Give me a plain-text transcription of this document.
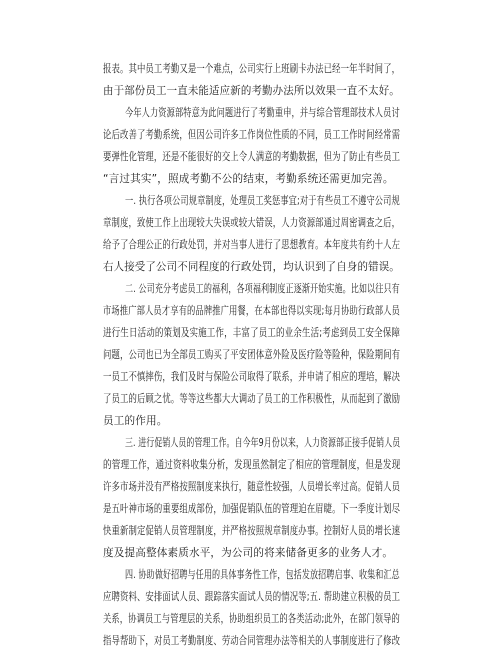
报表。其中员工考勤又是一个难点，公司实行上班刷卡办法已经一年半时间了，
由于部份员工一直未能适应新的考勤办法所以效果一直不太好。
今年人力资源部特意为此问题进行了考勤重申，并与综合管理部技术人员讨
论后改善了考勤系统，但因公司许多工作岗位性质的不同，员工工作时间经常需
要弹性化管理，还是不能很好的交上令人满意的考勤数据，但为了防止有些员工
“言过其实”，照成考勤不公的结束，考勤系统还需更加完善。
一. 执行各项公司规章制度，处理员工奖惩事宜;对于有些员工不遵守公司规
章制度，致使工作上出现较大失误或较大错误，人力资源部通过周密调查之后，
给予了合理公正的行政处罚，并对当事人进行了思想教育。本年度共有约十人左
右人接受了公司不同程度的行政处罚，均认识到了自身的错误。
二. 公司充分考虑员工的福利，各项福利制度正逐渐开始实施。比如以往只有
市场推广部人员才享有的品牌推广用餐，在本部也得以实现;每月协助行政部人员
进行生日活动的策划及实施工作，丰富了员工的业余生活;考虑到员工安全保障
问题，公司也已为全部员工购买了平安团体意外险及医疗险等险种，保险期间有
一员工不慎摔伤，我们及时与保险公司取得了联系，并申请了相应的理培，解决
了员工的后顾之忧。等等这些都大大调动了员工的工作积极性，从而起到了激励
员工的作用。
三. 进行促销人员的管理工作。自今年9月份以来，人力资源部正接手促销人员
的管理工作，通过资料收集分析，发现虽然制定了相应的管理制度，但是发现
许多市场并没有严格按照制度来执行，随意性较强，人员增长率过高。促销人员
是五叶神市场的重要组成部份，加强促销队伍的管理迫在眉睫。下一季度计划尽
快重新制定促销人员管理制度，并严格按照规章制度办事。控制好人员的增长速
度及提高整体素质水平，为公司的将来储备更多的业务人才。
四. 协助做好招聘与任用的具体事务性工作，包括发放招聘启事、收集和汇总
应聘资料、安排面试人员、跟踪落实面试人员的情况等;五. 帮助建立积极的员工
关系，协调员工与管理层的关系，协助组织员工的各类活动;此外，在部门领导的
指导帮助下，对员工考勤制度、劳动合同管理办法等相关的人事制度进行了修改
